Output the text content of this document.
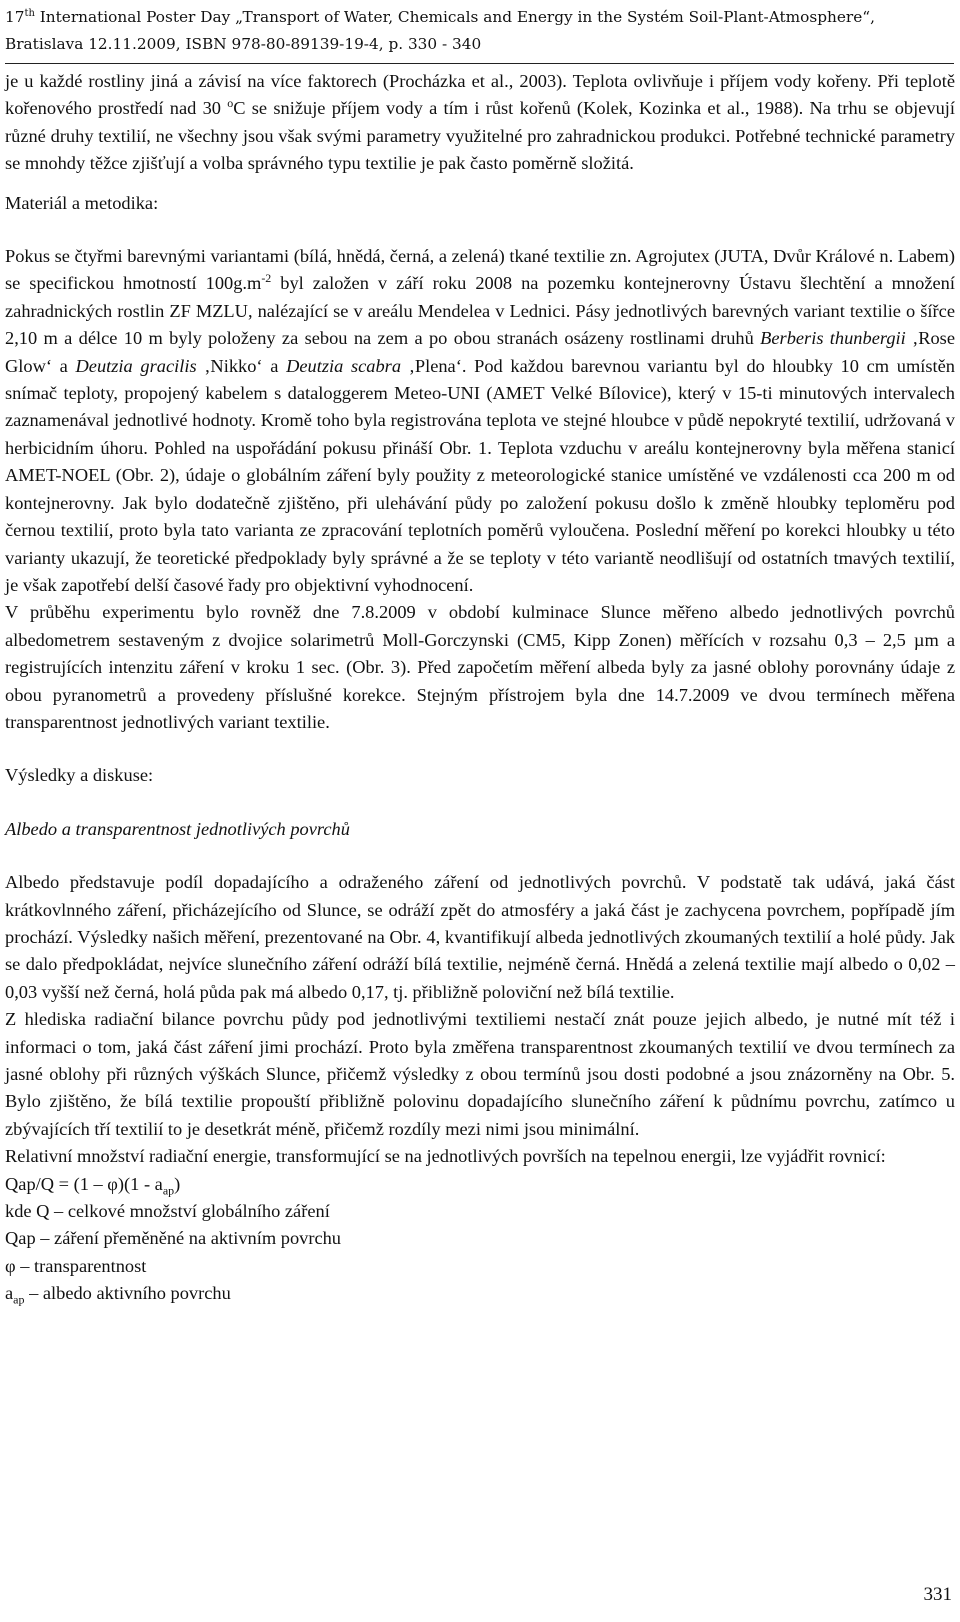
17th International Poster Day „Transport of Water, Chemicals and Energy in the Systém Soil-Plant-Atmosphere“,
Bratislava 12.11.2009, ISBN 978-80-89139-19-4, p. 330 - 340

je u každé rostliny jiná a závisí na více faktorech (Procházka et al., 2003). Teplota ovlivňuje i příjem vody kořeny. Při teplotě kořenového prostředí nad 30 $^o$C se snižuje příjem vody a tím i růst kořenů (Kolek, Kozinka et al., 1988). Na trhu se objevují různé druhy textilií, ne všechny jsou však svými parametry využitelné pro zahradnickou produkci. Potřebné technické parametry se mnohdy těžce zjišťují a volba správného typu textilie je pak často poměrně složitá.

Materiál a metodika:

Pokus se čtyřmi barevnými variantami (bílá, hnědá, černá, a zelená) tkané textilie zn. Agrojutex (JUTA, Dvůr Králové n. Labem) se specifickou hmotností $100g.m^{-2}$ byl založen v září roku 2008 na pozemku kontejnerovny Ústavu šlechtění a množení zahradnických rostlin ZF MZLU, nalézající se v areálu Mendelea v Lednici. Pásy jednotlivých barevných variant textilie o šířce 2,10 m a délce 10 m byly položeny za sebou na zem a po obou stranách osázeny rostlinami druhů Berberis thunbergii ‚Rose Glow‘ a Deutzia gracilis ‚Nikko‘ a Deutzia scabra ‚Plena‘. Pod každou barevnou variantu byl do hloubky 10 cm umístěn snímač teploty, propojený kabelem s dataloggerem Meteo-UNI (AMET Velké Bílovice), který v 15-ti minutových intervalech zaznamenával jednotlivé hodnoty. Kromě toho byla registrována teplota ve stejné hloubce v půdě nepokryté textilií, udržovaná v herbicidním úhoru. Pohled na uspořádání pokusu přináší Obr. 1. Teplota vzduchu v areálu kontejnerovny byla měřena stanicí AMET-NOEL (Obr. 2), údaje o globálním záření byly použity z meteorologické stanice umístěné ve vzdálenosti cca 200 m od kontejnerovny. Jak bylo dodatečně zjištěno, při ulehávání půdy po založení pokusu došlo k změně hloubky teploměru pod černou textilií, proto byla tato varianta ze zpracování teplotních poměrů vyloučena. Poslední měření po korekci hloubky u této varianty ukazují, že teoretické předpoklady byly správné a že se teploty v této variantě neodlišují od ostatních tmavých textilií, je však zapotřebí delší časové řady pro objektivní vyhodnocení.

V průběhu experimentu bylo rovněž dne 7.8.2009 v období kulminace Slunce měřeno albedo jednotlivých povrchů albedometrem sestaveným z dvojice solarimetrů Moll-Gorczynski (CM5, Kipp Zonen) měřících v rozsahu 0,3 – 2,5 µm a registrujících intenzitu záření v kroku 1 sec. (Obr. 3). Před započetím měření albeda byly za jasné oblohy porovnány údaje z obou pyranometrů a provedeny příslušné korekce. Stejným přístrojem byla dne 14.7.2009 ve dvou termínech měřena transparentnost jednotlivých variant textilie.

Výsledky a diskuse:

Albedo a transparentnost jednotlivých povrchů

Albedo představuje podíl dopadajícího a odraženého záření od jednotlivých povrchů. V podstatě tak udává, jaká část krátkovlnného záření, přicházejícího od Slunce, se odráží zpět do atmosféry a jaká část je zachycena povrchem, popřípadě jím prochází. Výsledky našich měření, prezentované na Obr. 4, kvantifikují albeda jednotlivých zkoumaných textilií a holé půdy. Jak se dalo předpokládat, nejvíce slunečního záření odráží bílá textilie, nejméně černá. Hnědá a zelená textilie mají albedo o 0,02 – 0,03 vyšší než černá, holá půda pak má albedo 0,17, tj. přibližně poloviční než bílá textilie.

Z hlediska radiační bilance povrchu půdy pod jednotlivými textiliemi nestačí znát pouze jejich albedo, je nutné mít též i informaci o tom, jaká část záření jimi prochází. Proto byla změřena transparentnost zkoumaných textilií ve dvou termínech za jasné oblohy při různých výškách Slunce, přičemž výsledky z obou termínů jsou dosti podobné a jsou znázorněny na Obr. 5. Bylo zjištěno, že bílá textilie propouští přibližně polovinu dopadajícího slunečního záření k půdnímu povrchu, zatímco u zbývajících tří textilií to je desetkrát méně, přičemž rozdíly mezi nimi jsou minimální.

Relativní množství radiační energie, transformující se na jednotlivých površích na tepelnou energii, lze vyjádřit rovnicí:

$Qap/Q = (1 - \varphi)(1 - a_{ap})$

kde Q – celkové množství globálního záření

Qap – záření přeměněné na aktivním povrchu

φ – transparentnost

$a_{ap}$ – albedo aktivního povrchu

331
